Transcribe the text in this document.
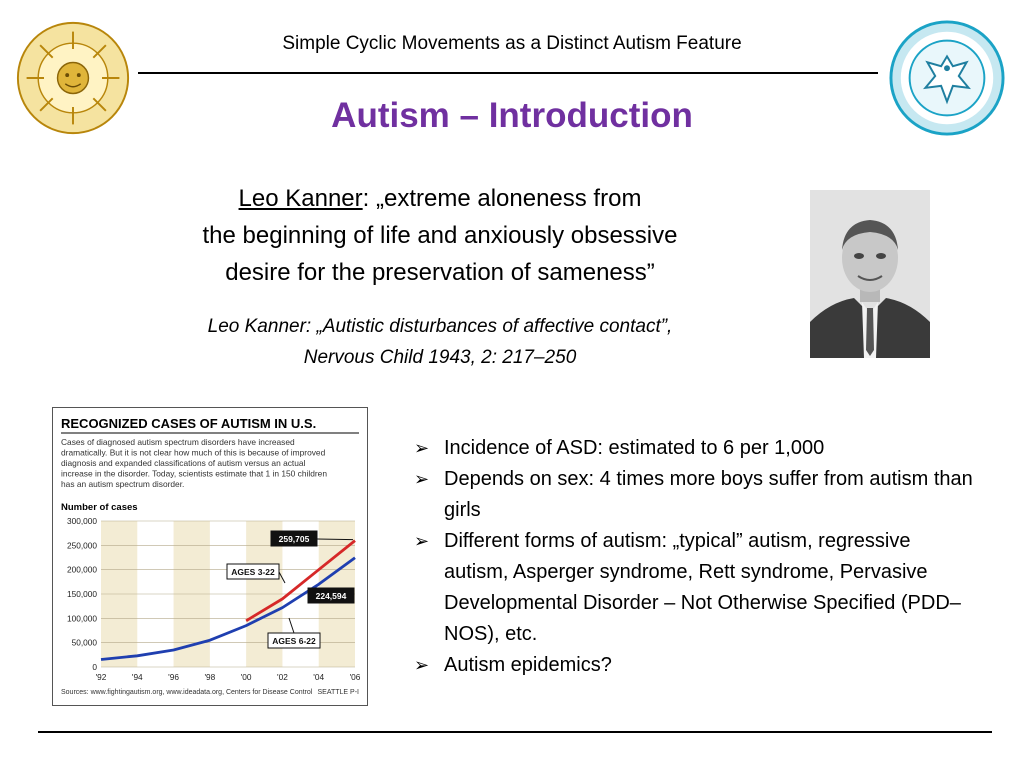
Simple Cyclic Movements as a Distinct Autism Feature
Autism – Introduction
Leo Kanner: „extreme aloneness from
the beginning of life and anxiously obsessive
desire for the preservation of sameness”
Leo Kanner: „Autistic disturbances of affective contact”,
Nervous Child 1943, 2: 217–250
RECOGNIZED CASES OF AUTISM IN U.S.
Cases of diagnosed autism spectrum disorders have increased
dramatically. But it is not clear how much of this is because of improved
diagnosis and expanded classifications of autism versus an actual
increase in the disorder. Today, scientists estimate that 1 in 150 children
has an autism spectrum disorder.
Number of cases
300,000
250,000
200,000
150,000
100,000
50,000
0
'92	'94	'96	'98	'00	'02	'04	'06
AGES 3-22
AGES 6-22
259,705
224,594
Sources: www.fightingautism.org, www.ideadata.org, Centers for Disease Control SEATTLE P-I
➢ Incidence of ASD: estimated to 6 per 1,000
➢ Depends on sex: 4 times more boys suffer from autism than girls
➢ Different forms of autism: „typical” autism, regressive autism, Asperger syndrome, Rett syndrome, Pervasive Developmental Disorder – Not Otherwise Specified (PDD–NOS), etc.
➢ Autism epidemics?
